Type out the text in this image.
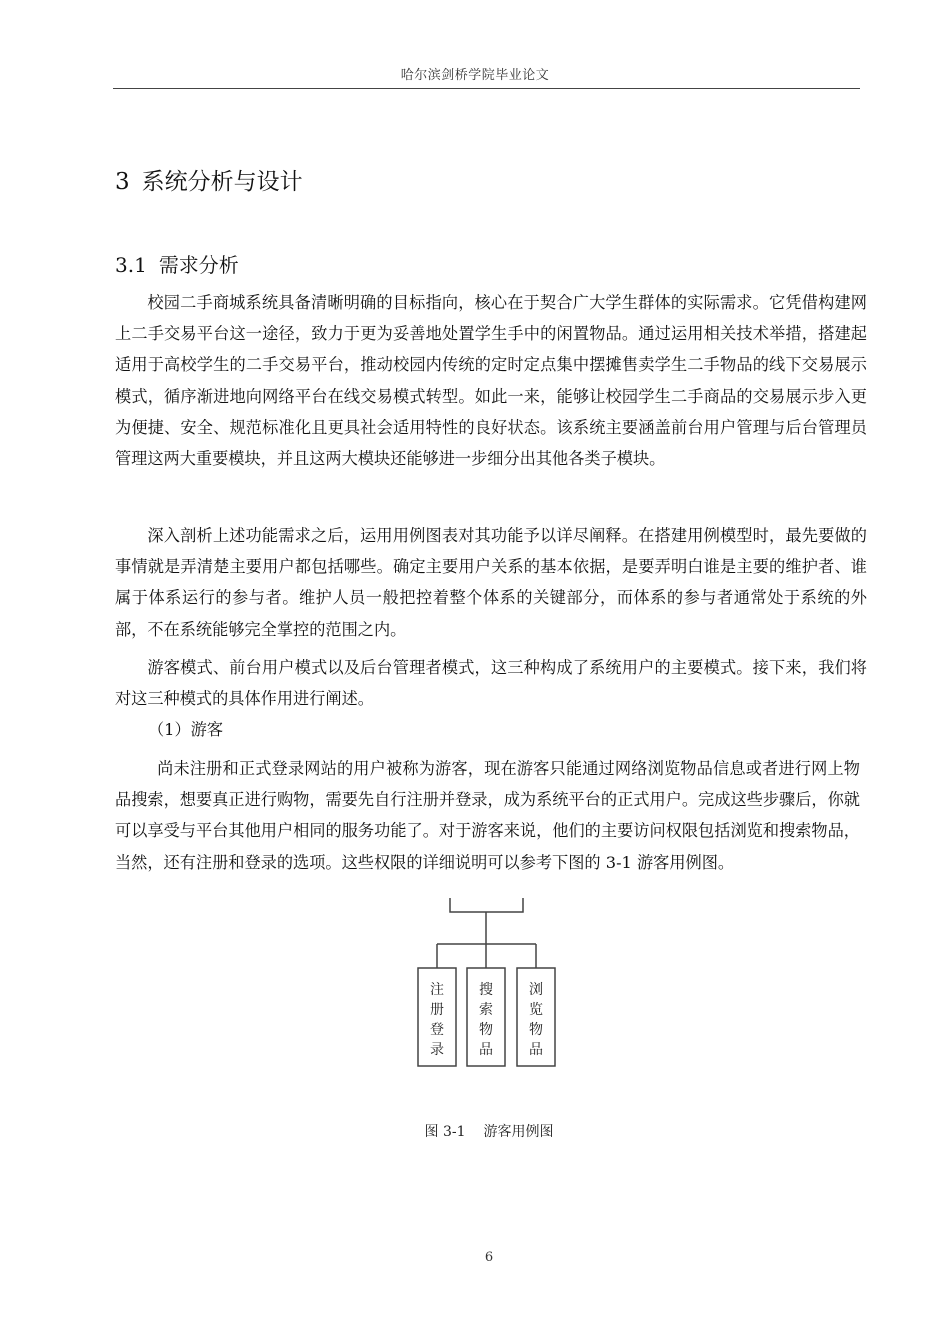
哈尔滨剑桥学院毕业论文
3 系统分析与设计
3.1 需求分析

校园二手商城系统具备清晰明确的目标指向，核心在于契合广大学生群体的实际需求。它凭借构建网上二手交易平台这一途径，致力于更为妥善地处置学生手中的闲置物品。通过运用相关技术举措，搭建起适用于高校学生的二手交易平台，推动校园内传统的定时定点集中摆摊售卖学生二手物品的线下交易展示模式，循序渐进地向网络平台在线交易模式转型。如此一来，能够让校园学生二手商品的交易展示步入更为便捷、安全、规范标准化且更具社会适用特性的良好状态。该系统主要涵盖前台用户管理与后台管理员管理这两大重要模块，并且这两大模块还能够进一步细分出其他各类子模块。

深入剖析上述功能需求之后，运用用例图表对其功能予以详尽阐释。在搭建用例模型时，最先要做的事情就是弄清楚主要用户都包括哪些。确定主要用户关系的基本依据，是要弄明白谁是主要的维护者、谁属于体系运行的参与者。维护人员一般把控着整个体系的关键部分，而体系的参与者通常处于系统的外部，不在系统能够完全掌控的范围之内。

游客模式、前台用户模式以及后台管理者模式，这三种构成了系统用户的主要模式。接下来，我们将对这三种模式的具体作用进行阐述。

（1）游客

尚未注册和正式登录网站的用户被称为游客，现在游客只能通过网络浏览物品信息或者进行网上物品搜索，想要真正进行购物，需要先自行注册并登录，成为系统平台的正式用户。完成这些步骤后，你就可以享受与平台其他用户相同的服务功能了。对于游客来说，他们的主要访问权限包括浏览和搜索物品，当然，还有注册和登录的选项。这些权限的详细说明可以参考下图的 3-1 游客用例图。

注
册
登
录
搜
索
物
品
浏
览
物
品
图 3-1 游客用例图
6
